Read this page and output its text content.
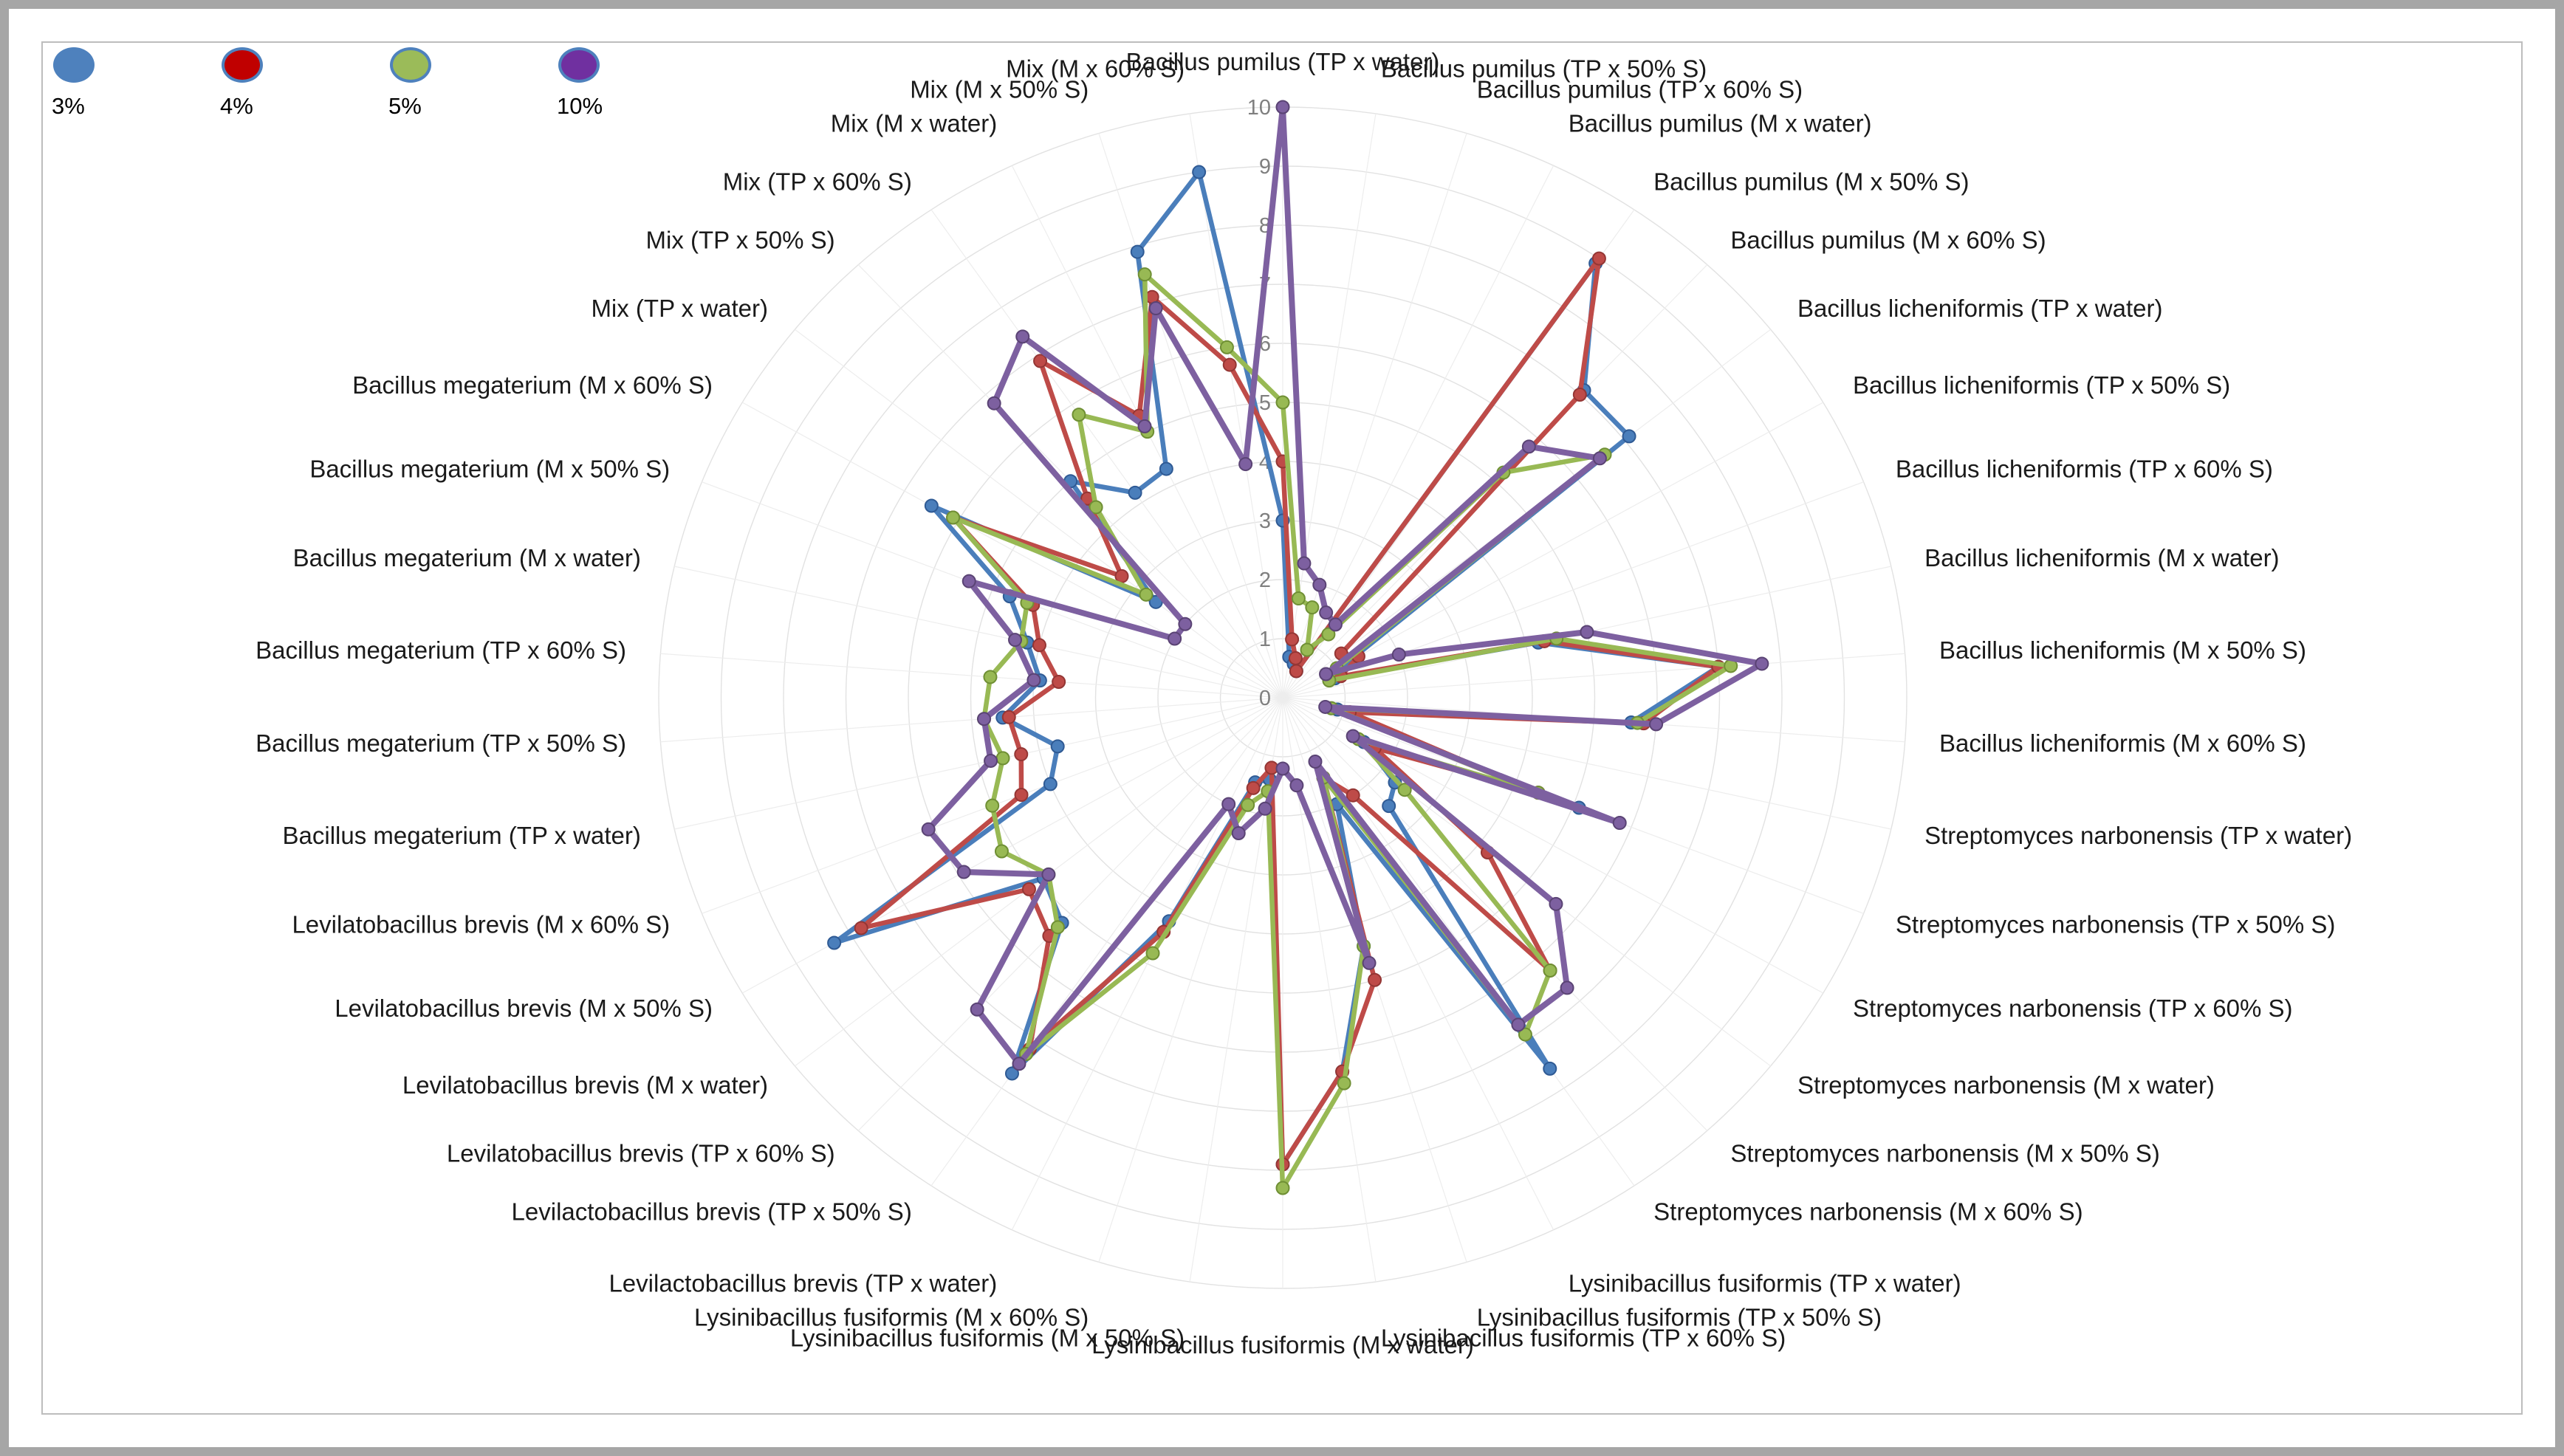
3%	4%	5%	10%
0
1
2
3
4
5
6
7
8
9
10
Bacillus pumilus (TP x water)
Bacillus pumilus (TP x 50% S)
Bacillus pumilus (TP x 60% S)
Bacillus pumilus (M x water)
Bacillus pumilus (M x 50% S)
Bacillus pumilus (M x 60% S)
Bacillus licheniformis (TP x water)
Bacillus licheniformis (TP x 50% S)
Bacillus licheniformis (TP x 60% S)
Bacillus licheniformis (M x water)
Bacillus licheniformis (M x 50% S)
Bacillus licheniformis (M x 60% S)
Streptomyces narbonensis (TP x water)
Streptomyces narbonensis (TP x 50% S)
Streptomyces narbonensis (TP x 60% S)
Streptomyces narbonensis (M x water)
Streptomyces narbonensis (M x 50% S)
Streptomyces narbonensis (M x 60% S)
Lysinibacillus fusiformis (TP x water)
Lysinibacillus fusiformis (TP x 50% S)
Lysinibacillus fusiformis (TP x 60% S)
Lysinibacillus fusiformis (M x water)
Lysinibacillus fusiformis (M x 50% S)
Lysinibacillus fusiformis (M x 60% S)
Levilactobacillus brevis (TP x water)
Levilactobacillus brevis (TP x 50% S)
Levilatobacillus brevis (TP x 60% S)
Levilatobacillus brevis (M x water)
Levilatobacillus brevis (M x 50% S)
Levilatobacillus brevis (M x 60% S)
Bacillus megaterium (TP x water)
Bacillus megaterium (TP x 50% S)
Bacillus megaterium (TP x 60% S)
Bacillus megaterium (M x water)
Bacillus megaterium (M x 50% S)
Bacillus megaterium (M x 60% S)
Mix (TP x water)
Mix (TP x 50% S)
Mix (TP x 60% S)
Mix (M x water)
Mix (M x 50% S)
Mix (M x 60% S)
